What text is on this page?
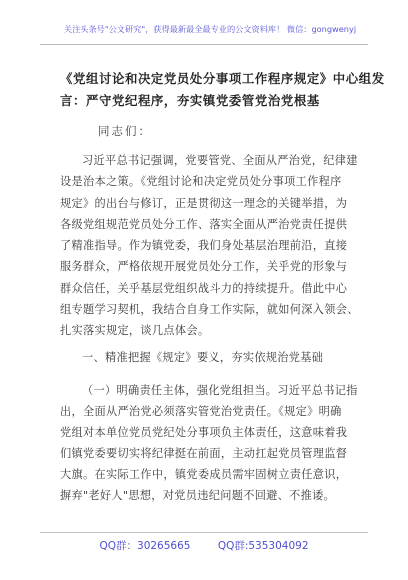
关注头条号"公文研究"，获得最新最全最专业的公文资料库！ 微信：gongwenyj
《党组讨论和决定党员处分事项工作程序规定》中心组发
言：严守党纪程序，夯实镇党委管党治党根基
同志们：
习近平总书记强调，党要管党、全面从严治党，纪律建
设是治本之策。《党组讨论和决定党员处分事项工作程序
规定》的出台与修订，正是贯彻这一理念的关键举措，为
各级党组规范党员处分工作、落实全面从严治党责任提供
了精准指导。作为镇党委，我们身处基层治理前沿，直接
服务群众，严格依规开展党员处分工作，关乎党的形象与
群众信任，关乎基层党组织战斗力的持续提升。借此中心
组专题学习契机，我结合自身工作实际，就如何深入领会、
扎实落实规定，谈几点体会。
一、精准把握《规定》要义，夯实依规治党基础
（一）明确责任主体，强化党组担当。习近平总书记指
出，全面从严治党必须落实管党治党责任。《规定》明确
党组对本单位党员党纪处分事项负主体责任，这意味着我
们镇党委要切实将纪律挺在前面，主动扛起党员管理监督
大旗。在实际工作中，镇党委成员需牢固树立责任意识，
摒弃"老好人"思想，对党员违纪问题不回避、不推诿。
QQ群：30265665	QQ群:535304092
